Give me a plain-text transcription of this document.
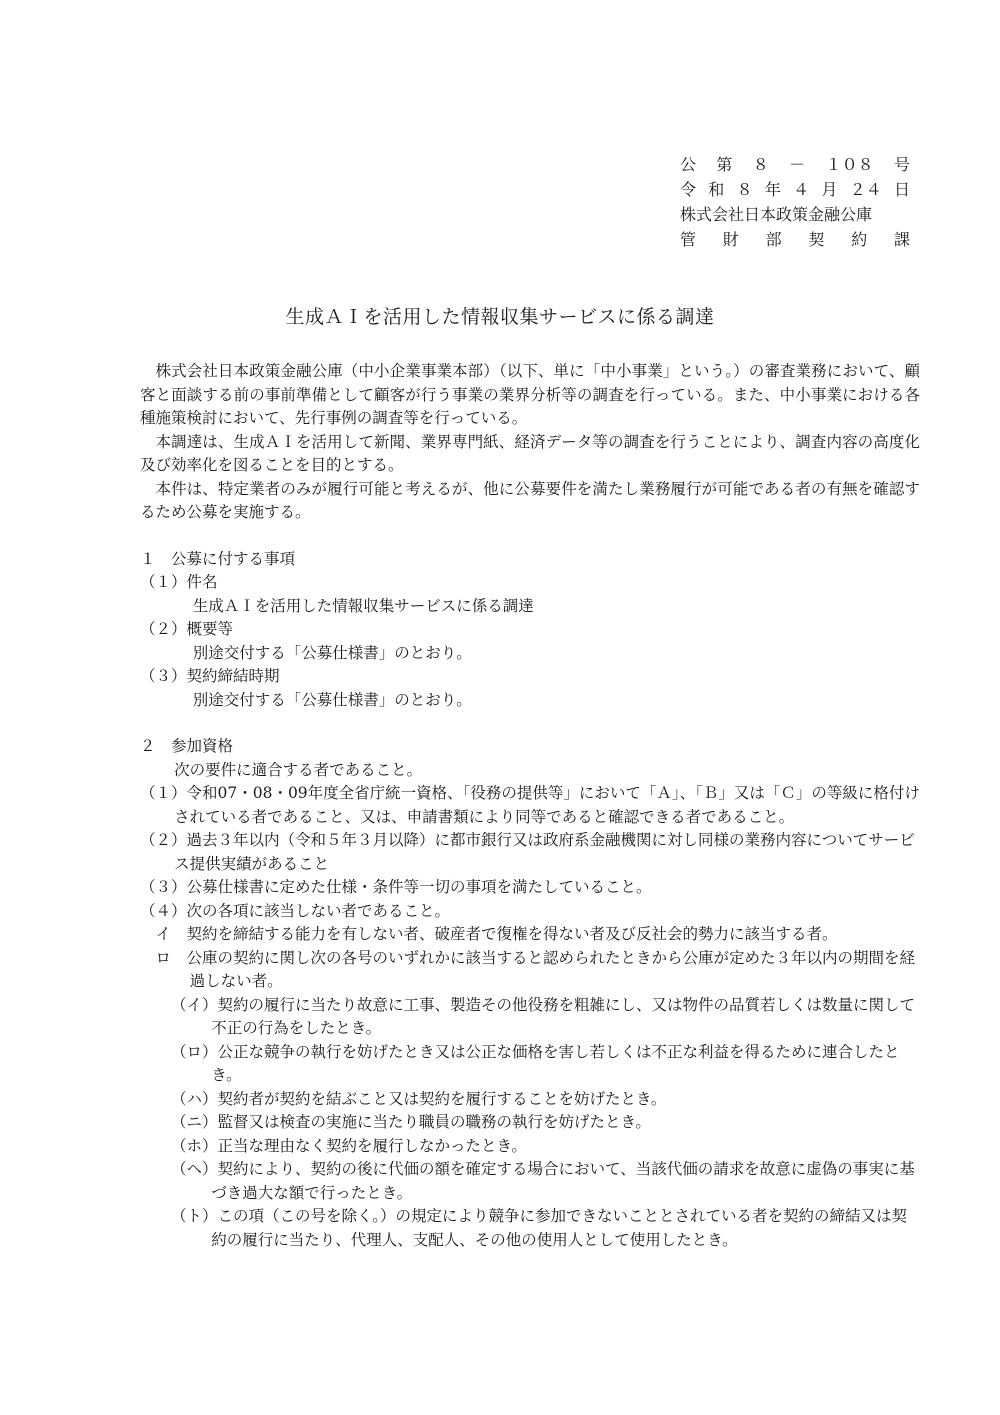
公 第 ８ － １０８ 号
令 和 ８ 年 ４ 月 ２４ 日
株式会社日本政策金融公庫
管 財 部 契 約 課
生成ＡＩを活用した情報収集サービスに係る調達
株式会社日本政策金融公庫（中小企業事業本部）（以下、単に「中小事業」という。）の審査業務において、顧客と面談する前の事前準備として顧客が行う事業の業界分析等の調査を行っている。また、中小事業における各種施策検討において、先行事例の調査等を行っている。
本調達は、生成ＡＩを活用して新聞、業界専門紙、経済データ等の調査を行うことにより、調査内容の高度化及び効率化を図ることを目的とする。
本件は、特定業者のみが履行可能と考えるが、他に公募要件を満たし業務履行が可能である者の有無を確認するため公募を実施する。
１　公募に付する事項
（１）件名
生成ＡＩを活用した情報収集サービスに係る調達
（２）概要等
別途交付する「公募仕様書」のとおり。
（３）契約締結時期
別途交付する「公募仕様書」のとおり。
２　参加資格
次の要件に適合する者であること。
（１）令和07・08・09年度全省庁統一資格、「役務の提供等」において「Ａ」、「Ｂ」又は「Ｃ」の等級に格付けされている者であること、又は、申請書類により同等であると確認できる者であること。
（２）過去３年以内（令和５年３月以降）に都市銀行又は政府系金融機関に対し同様の業務内容についてサービス提供実績があること
（３）公募仕様書に定めた仕様・条件等一切の事項を満たしていること。
（４）次の各項に該当しない者であること。
イ　契約を締結する能力を有しない者、破産者で復権を得ない者及び反社会的勢力に該当する者。
ロ　公庫の契約に関し次の各号のいずれかに該当すると認められたときから公庫が定めた３年以内の期間を経過しない者。
（イ）契約の履行に当たり故意に工事、製造その他役務を粗雑にし、又は物件の品質若しくは数量に関して不正の行為をしたとき。
（ロ）公正な競争の執行を妨げたとき又は公正な価格を害し若しくは不正な利益を得るために連合したとき。
（ハ）契約者が契約を結ぶこと又は契約を履行することを妨げたとき。
（ニ）監督又は検査の実施に当たり職員の職務の執行を妨げたとき。
（ホ）正当な理由なく契約を履行しなかったとき。
（ヘ）契約により、契約の後に代価の額を確定する場合において、当該代価の請求を故意に虚偽の事実に基づき過大な額で行ったとき。
（ト）この項（この号を除く。）の規定により競争に参加できないこととされている者を契約の締結又は契約の履行に当たり、代理人、支配人、その他の使用人として使用したとき。
